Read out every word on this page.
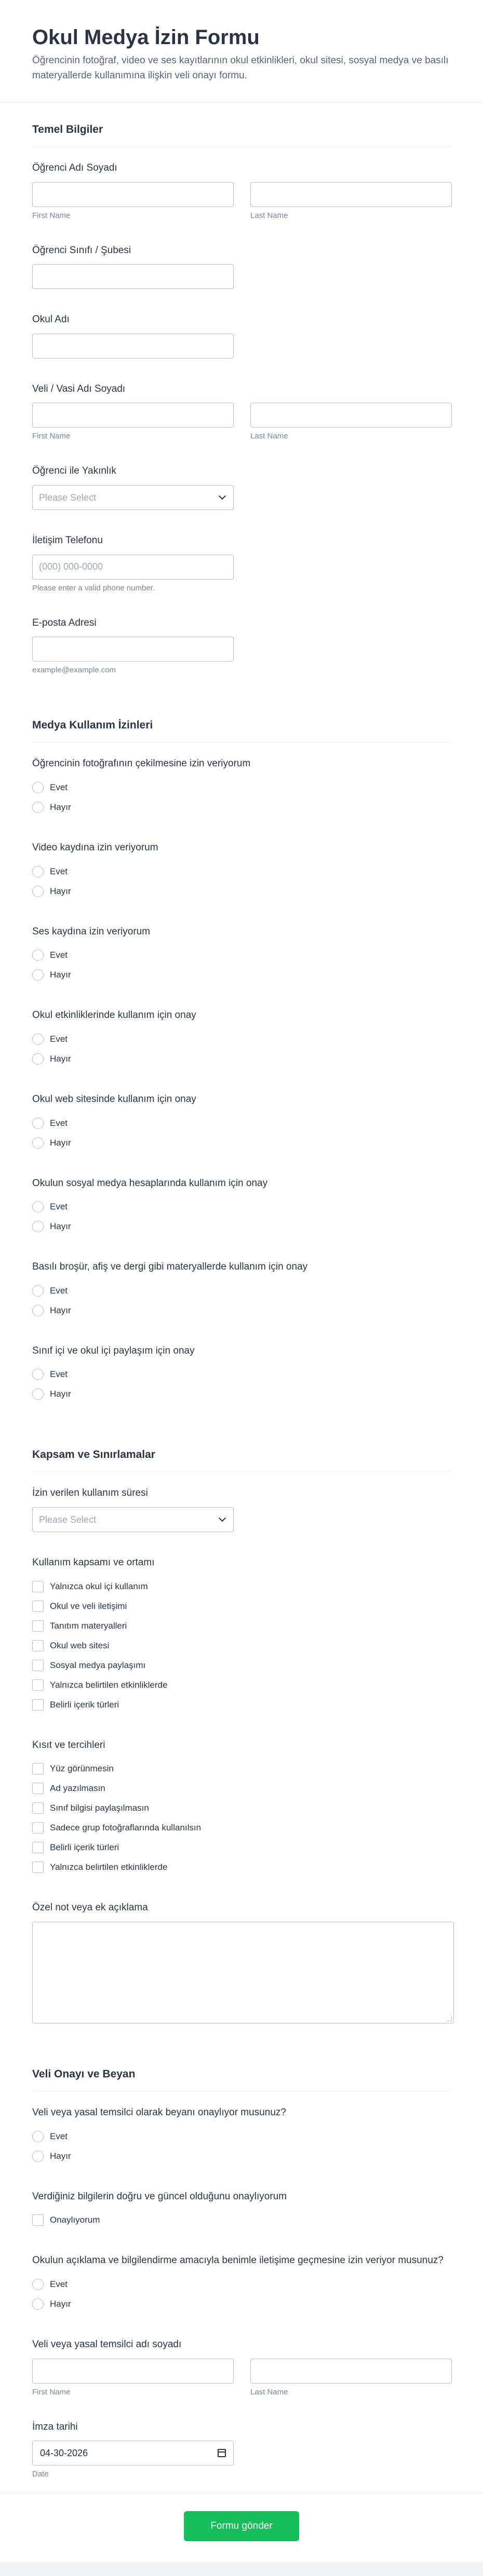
Okul Medya İzin Formu

Öğrencinin fotoğraf, video ve ses kayıtlarının okul etkinlikleri, okul sitesi, sosyal medya ve basılı materyallerde kullanımına ilişkin veli onayı formu.

Temel Bilgiler
Öğrenci Adı Soyadı
First Name	Last Name
Öğrenci Sınıfı / Şubesi
Okul Adı
Veli / Vasi Adı Soyadı
First Name	Last Name
Öğrenci ile Yakınlık
Please Select
İletişim Telefonu
(000) 000-0000
Please enter a valid phone number.
E-posta Adresi
example@example.com
Medya Kullanım İzinleri
Öğrencinin fotoğrafının çekilmesine izin veriyorum
Evet
Hayır
Video kaydına izin veriyorum
Evet
Hayır
Ses kaydına izin veriyorum
Evet
Hayır
Okul etkinliklerinde kullanım için onay
Evet
Hayır
Okul web sitesinde kullanım için onay
Evet
Hayır
Okulun sosyal medya hesaplarında kullanım için onay
Evet
Hayır
Basılı broşür, afiş ve dergi gibi materyallerde kullanım için onay
Evet
Hayır
Sınıf içi ve okul içi paylaşım için onay
Evet
Hayır
Kapsam ve Sınırlamalar
İzin verilen kullanım süresi
Please Select
Kullanım kapsamı ve ortamı
Yalnızca okul içi kullanım
Okul ve veli iletişimi
Tanıtım materyalleri
Okul web sitesi
Sosyal medya paylaşımı
Yalnızca belirtilen etkinliklerde
Belirli içerik türleri
Kısıt ve tercihleri
Yüz görünmesin
Ad yazılmasın
Sınıf bilgisi paylaşılmasın
Sadece grup fotoğraflarında kullanılsın
Belirli içerik türleri
Yalnızca belirtilen etkinliklerde
Özel not veya ek açıklama
Veli Onayı ve Beyan
Veli veya yasal temsilci olarak beyanı onaylıyor musunuz?
Evet
Hayır
Verdiğiniz bilgilerin doğru ve güncel olduğunu onaylıyorum
Onaylıyorum
Okulun açıklama ve bilgilendirme amacıyla benimle iletişime geçmesine izin veriyor musunuz?
Evet
Hayır
Veli veya yasal temsilci adı soyadı
First Name	Last Name
İmza tarihi
04-30-2026
Date
Formu gönder
